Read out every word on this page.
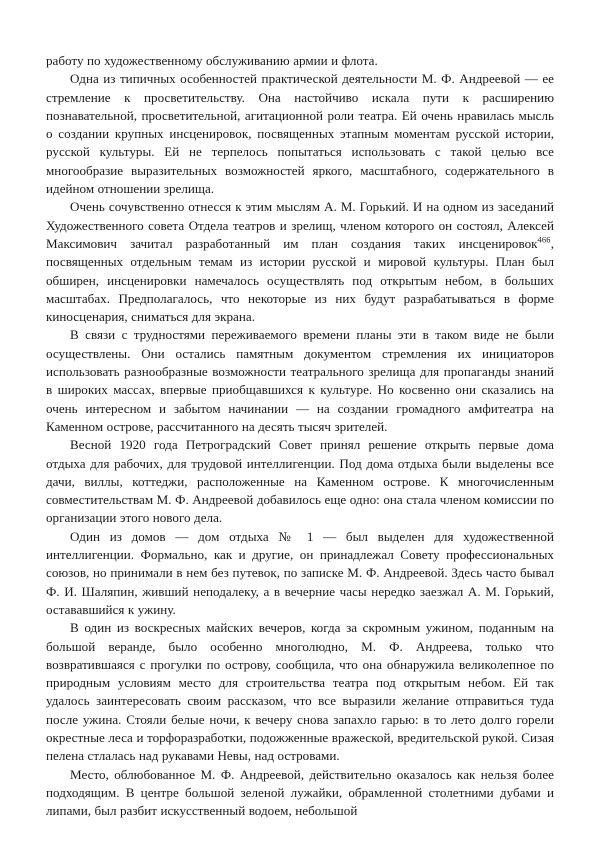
работу по художественному обслуживанию армии и флота.

Одна из типичных особенностей практической деятельности М. Ф. Андреевой — ее стремление к просветительству. Она настойчиво искала пути к расширению познавательной, просветительной, агитационной роли театра. Ей очень нравилась мысль о создании крупных инсценировок, посвященных этапным моментам русской истории, русской культуры. Ей не терпелось попытаться использовать с такой целью все многообразие выразительных возможностей яркого, масштабного, содержательного в идейном отношении зрелища.

Очень сочувственно отнесся к этим мыслям А. М. Горький. И на одном из заседаний Художественного совета Отдела театров и зрелищ, членом которого он состоял, Алексей Максимович зачитал разработанный им план создания таких инсценировок$^{466}$, посвященных отдельным темам из истории русской и мировой культуры. План был обширен, инсценировки намечалось осуществлять под открытым небом, в больших масштабах. Предполагалось, что некоторые из них будут разрабатываться в форме киносценария, сниматься для экрана.

В связи с трудностями переживаемого времени планы эти в таком виде не были осуществлены. Они остались памятным документом стремления их инициаторов использовать разнообразные возможности театрального зрелища для пропаганды знаний в широких массах, впервые приобщавшихся к культуре. Но косвенно они сказались на очень интересном и забытом начинании — на создании громадного амфитеатра на Каменном острове, рассчитанного на десять тысяч зрителей.

Весной 1920 года Петроградский Совет принял решение открыть первые дома отдыха для рабочих, для трудовой интеллигенции. Под дома отдыха были выделены все дачи, виллы, коттеджи, расположенные на Каменном острове. К многочисленным совместительствам М. Ф. Андреевой добавилось еще одно: она стала членом комиссии по организации этого нового дела.

Один из домов — дом отдыха № 1 — был выделен для художественной интеллигенции. Формально, как и другие, он принадлежал Совету профессиональных союзов, но принимали в нем без путевок, по записке М. Ф. Андреевой. Здесь часто бывал Ф. И. Шаляпин, живший неподалеку, а в вечерние часы нередко заезжал А. М. Горький, остававшийся к ужину.

В один из воскресных майских вечеров, когда за скромным ужином, поданным на большой веранде, было особенно многолюдно, М. Ф. Андреева, только что возвратившаяся с прогулки по острову, сообщила, что она обнаружила великолепное по природным условиям место для строительства театра под открытым небом. Ей так удалось заинтересовать своим рассказом, что все выразили желание отправиться туда после ужина. Стояли белые ночи, к вечеру снова запахло гарью: в то лето долго горели окрестные леса и торфоразработки, подожженные вражеской, вредительской рукой. Сизая пелена стлалась над рукавами Невы, над островами.

Место, облюбованное М. Ф. Андреевой, действительно оказалось как нельзя более подходящим. В центре большой зеленой лужайки, обрамленной столетними дубами и липами, был разбит искусственный водоем, небольшой
